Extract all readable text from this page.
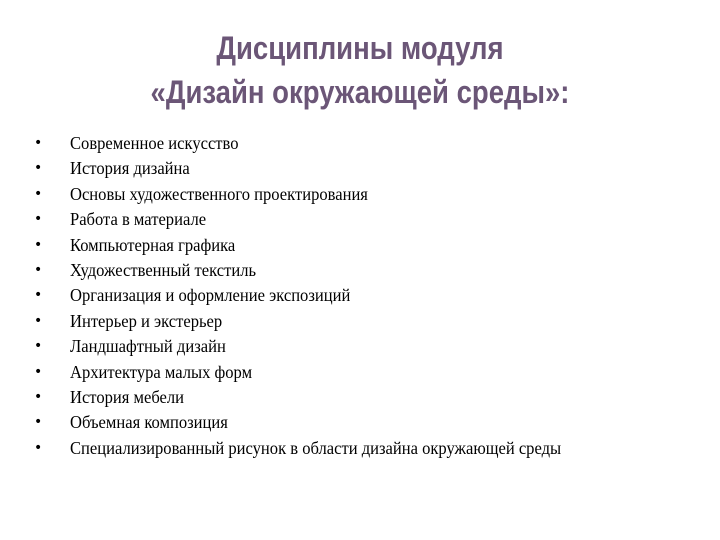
Дисциплины модуля
«Дизайн окружающей среды»:
• Современное искусство
• История дизайна
• Основы художественного проектирования
• Работа в материале
• Компьютерная графика
• Художественный текстиль
• Организация и оформление экспозиций
• Интерьер и экстерьер
• Ландшафтный дизайн
• Архитектура малых форм
• История мебели
• Объемная композиция
• Специализированный рисунок в области дизайна окружающей среды
